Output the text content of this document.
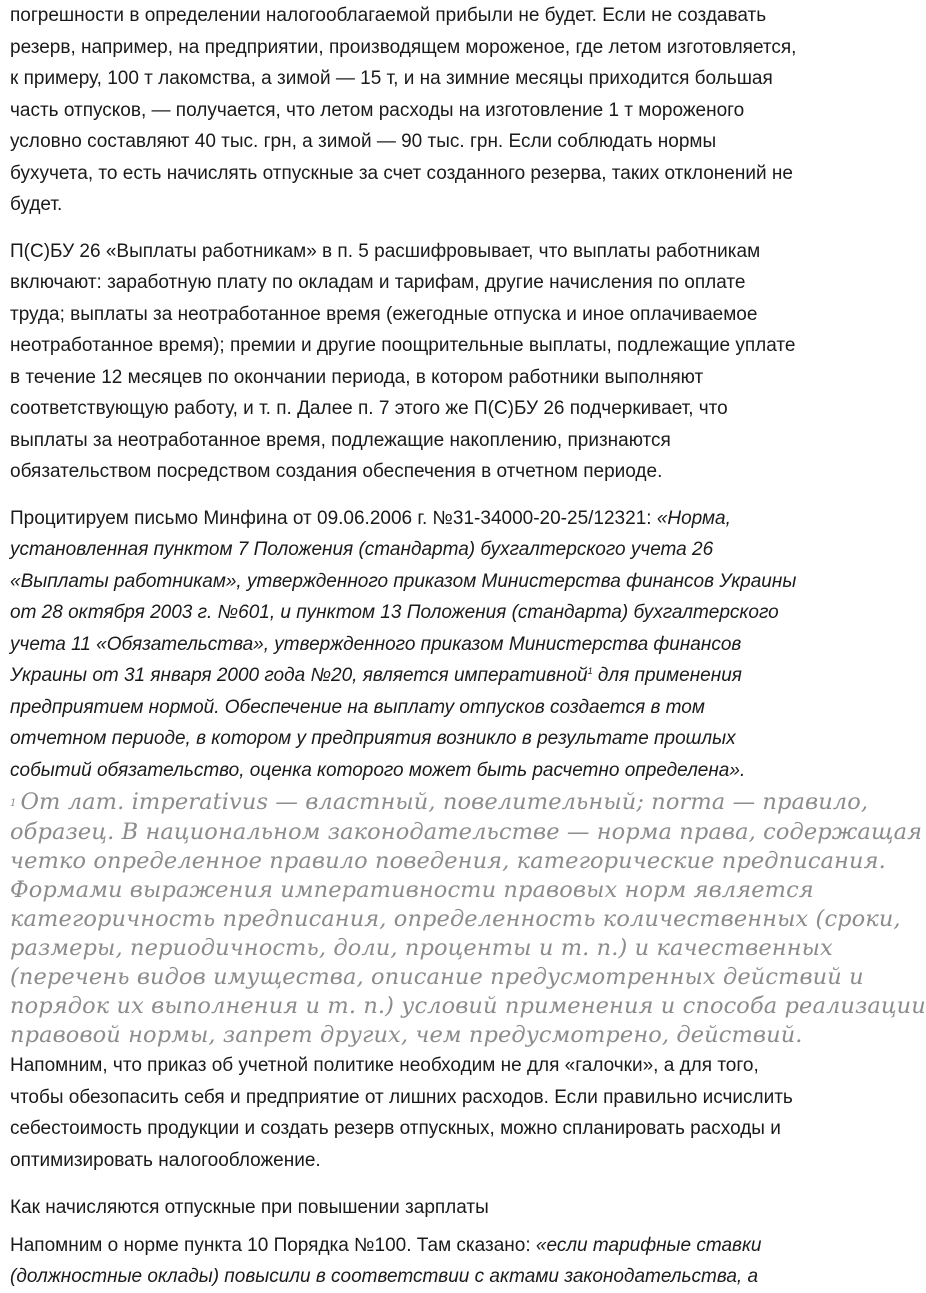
погрешности в определении налогооблагаемой прибыли не будет. Если не создавать
резерв, например, на предприятии, производящем мороженое, где летом изготовляется,
к примеру, 100 т лакомства, а зимой — 15 т, и на зимние месяцы приходится большая
часть отпусков, — получается, что летом расходы на изготовление 1 т мороженого
условно составляют 40 тыс. грн, а зимой — 90 тыс. грн. Если соблюдать нормы
бухучета, то есть начислять отпускные за счет созданного резерва, таких отклонений не
будет.

П(С)БУ 26 «Выплаты работникам» в п. 5 расшифровывает, что выплаты работникам
включают: заработную плату по окладам и тарифам, другие начисления по оплате
труда; выплаты за неотработанное время (ежегодные отпуска и иное оплачиваемое
неотработанное время); премии и другие поощрительные выплаты, подлежащие уплате
в течение 12 месяцев по окончании периода, в котором работники выполняют
соответствующую работу, и т. п. Далее п. 7 этого же П(С)БУ 26 подчеркивает, что
выплаты за неотработанное время, подлежащие накоплению, признаются
обязательством посредством создания обеспечения в отчетном периоде.

Процитируем письмо Минфина от 09.06.2006 г. №31-34000-20-25/12321: «Норма,
установленная пунктом 7 Положения (стандарта) бухгалтерского учета 26
«Выплаты работникам», утвержденного приказом Министерства финансов Украины
от 28 октября 2003 г. №601, и пунктом 13 Положения (стандарта) бухгалтерского
учета 11 «Обязательства», утвержденного приказом Министерства финансов
Украины от 31 января 2000 года №20, является императивной$^1$ для применения
предприятием нормой. Обеспечение на выплату отпусков создается в том
отчетном периоде, в котором у предприятия возникло в результате прошлых
событий обязательство, оценка которого может быть расчетно определена».

1 От лат. imperativus — властный, повелительный; norma — правило,
образец. В национальном законодательстве — норма права, содержащая
четко определенное правило поведения, категорические предписания.
Формами выражения императивности правовых норм является
категоричность предписания, определенность количественных (сроки,
размеры, периодичность, доли, проценты и т. п.) и качественных
(перечень видов имущества, описание предусмотренных действий и
порядок их выполнения и т. п.) условий применения и способа реализации
правовой нормы, запрет других, чем предусмотрено, действий.

Напомним, что приказ об учетной политике необходим не для «галочки», а для того,
чтобы обезопасить себя и предприятие от лишних расходов. Если правильно исчислить
себестоимость продукции и создать резерв отпускных, можно спланировать расходы и
оптимизировать налогообложение.

Как начисляются отпускные при повышении зарплаты

Напомним о норме пункта 10 Порядка №100. Там сказано: «если тарифные ставки
(должностные оклады) повысили в соответствии с актами законодательства, а
